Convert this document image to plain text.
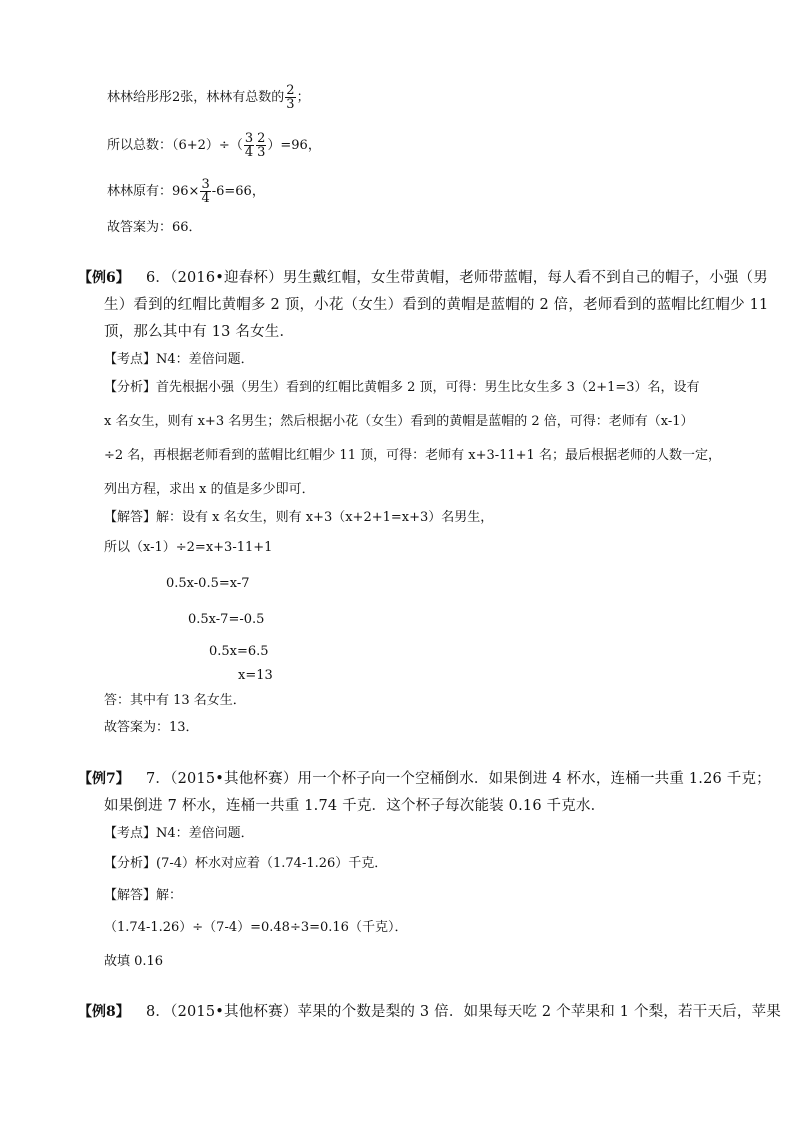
林林给彤彤2张，林林有总数的 $\frac{2}{3}$ ；
所以总数：$(6+2)\div( \frac{3}{4} \frac{2}{3} )=96$，
林林原有：$96\times \frac{3}{4} -6=66$，
故答案为：66．
【例6】 6．（2016•迎春杯）男生戴红帽，女生带黄帽，老师带蓝帽，每人看不到自己的帽子，小强（男
生）看到的红帽比黄帽多 2 顶，小花（女生）看到的黄帽是蓝帽的 2 倍，老师看到的蓝帽比红帽少 11
顶，那么其中有 13 名女生．
【考点】N4：差倍问题．
【分析】首先根据小强（男生）看到的红帽比黄帽多 2 顶，可得：男生比女生多 3（2+1=3）名，设有
x 名女生，则有 x+3 名男生；然后根据小花（女生）看到的黄帽是蓝帽的 2 倍，可得：老师有（x-1）
÷2 名，再根据老师看到的蓝帽比红帽少 11 顶，可得：老师有 x+3-11+1 名；最后根据老师的人数一定，
列出方程，求出 x 的值是多少即可．
【解答】解：设有 x 名女生，则有 x+3（x+2+1=x+3）名男生，
所以（x-1）÷2=x+3-11+1
0.5x-0.5=x-7
0.5x-7=-0.5
0.5x=6.5
x=13
答：其中有 13 名女生．
故答案为：13．
【例7】 7．（2015•其他杯赛）用一个杯子向一个空桶倒水．如果倒进 4 杯水，连桶一共重 1.26 千克；
如果倒进 7 杯水，连桶一共重 1.74 千克．这个杯子每次能装 0.16 千克水．
【考点】N4：差倍问题．
【分析】(7-4）杯水对应着（1.74-1.26）千克．
【解答】解：
（1.74-1.26）÷（7-4）=0.48÷3=0.16（千克）．
故填 0.16
【例8】 8．（2015•其他杯赛）苹果的个数是梨的 3 倍．如果每天吃 2 个苹果和 1 个梨，若干天后，苹果
